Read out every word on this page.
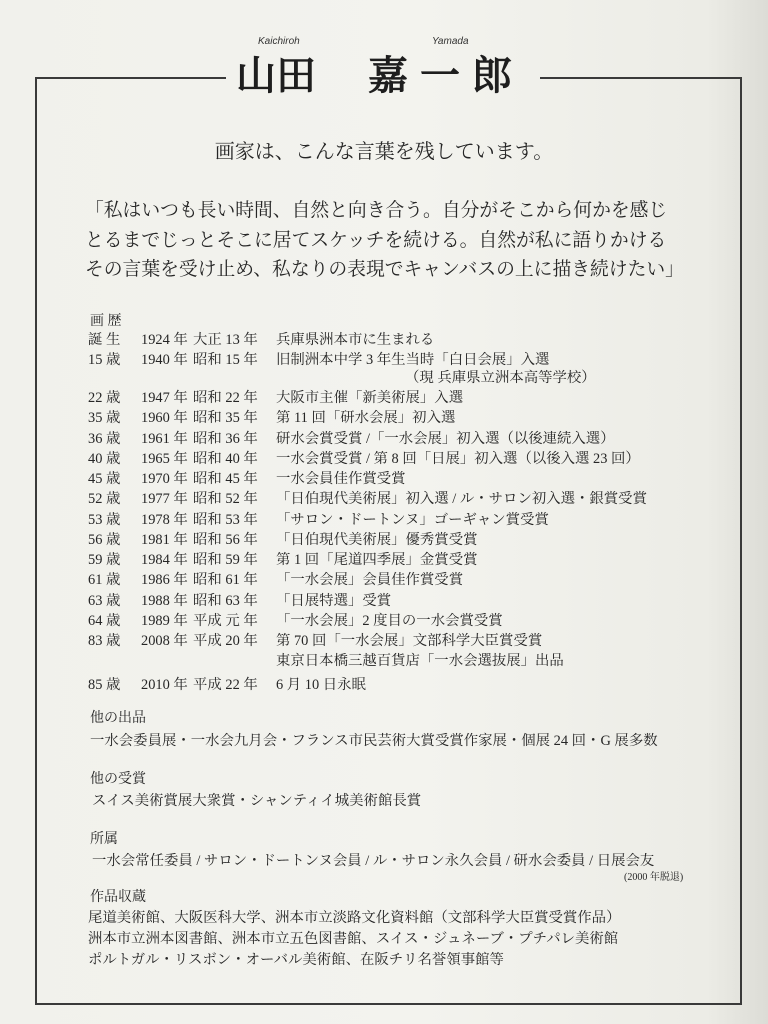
Kaichiroh	Yamada
山田 嘉一郎
画家は、こんな言葉を残しています。
「私はいつも長い時間、自然と向き合う。自分がそこから何かを感じ
とるまでじっとそこに居てスケッチを続ける。自然が私に語りかける
その言葉を受け止め、私なりの表現でキャンバスの上に描き続けたい」
画 歴
誕 生 1924 年 大正 13 年 兵庫県洲本市に生まれる
15 歳 1940 年 昭和 15 年 旧制洲本中学 3 年生当時「白日会展」入選
（現 兵庫県立洲本高等学校）
22 歳 1947 年 昭和 22 年 大阪市主催「新美術展」入選
35 歳 1960 年 昭和 35 年 第 11 回「研水会展」初入選
36 歳 1961 年 昭和 36 年 研水会賞受賞 /「一水会展」初入選（以後連続入選）
40 歳 1965 年 昭和 40 年 一水会賞受賞 / 第 8 回「日展」初入選（以後入選 23 回）
45 歳 1970 年 昭和 45 年 一水会員佳作賞受賞
52 歳 1977 年 昭和 52 年 「日伯現代美術展」初入選 / ル・サロン初入選・銀賞受賞
53 歳 1978 年 昭和 53 年 「サロン・ドートンヌ」ゴーギャン賞受賞
56 歳 1981 年 昭和 56 年 「日伯現代美術展」優秀賞受賞
59 歳 1984 年 昭和 59 年 第 1 回「尾道四季展」金賞受賞
61 歳 1986 年 昭和 61 年 「一水会展」会員佳作賞受賞
63 歳 1988 年 昭和 63 年 「日展特選」受賞
64 歳 1989 年 平成 元 年 「一水会展」2 度目の一水会賞受賞
83 歳 2008 年 平成 20 年 第 70 回「一水会展」文部科学大臣賞受賞
東京日本橋三越百貨店「一水会選抜展」出品
85 歳 2010 年 平成 22 年 6 月 10 日永眠
他の出品
一水会委員展・一水会九月会・フランス市民芸術大賞受賞作家展・個展 24 回・G 展多数
他の受賞
スイス美術賞展大衆賞・シャンティイ城美術館長賞
所属
一水会常任委員 / サロン・ドートンヌ会員 / ル・サロン永久会員 / 研水会委員 / 日展会友
(2000 年脱退)
作品収蔵
尾道美術館、大阪医科大学、洲本市立淡路文化資料館（文部科学大臣賞受賞作品）
洲本市立洲本図書館、洲本市立五色図書館、スイス・ジュネーブ・プチパレ美術館
ポルトガル・リスボン・オーバル美術館、在阪チリ名誉領事館等
